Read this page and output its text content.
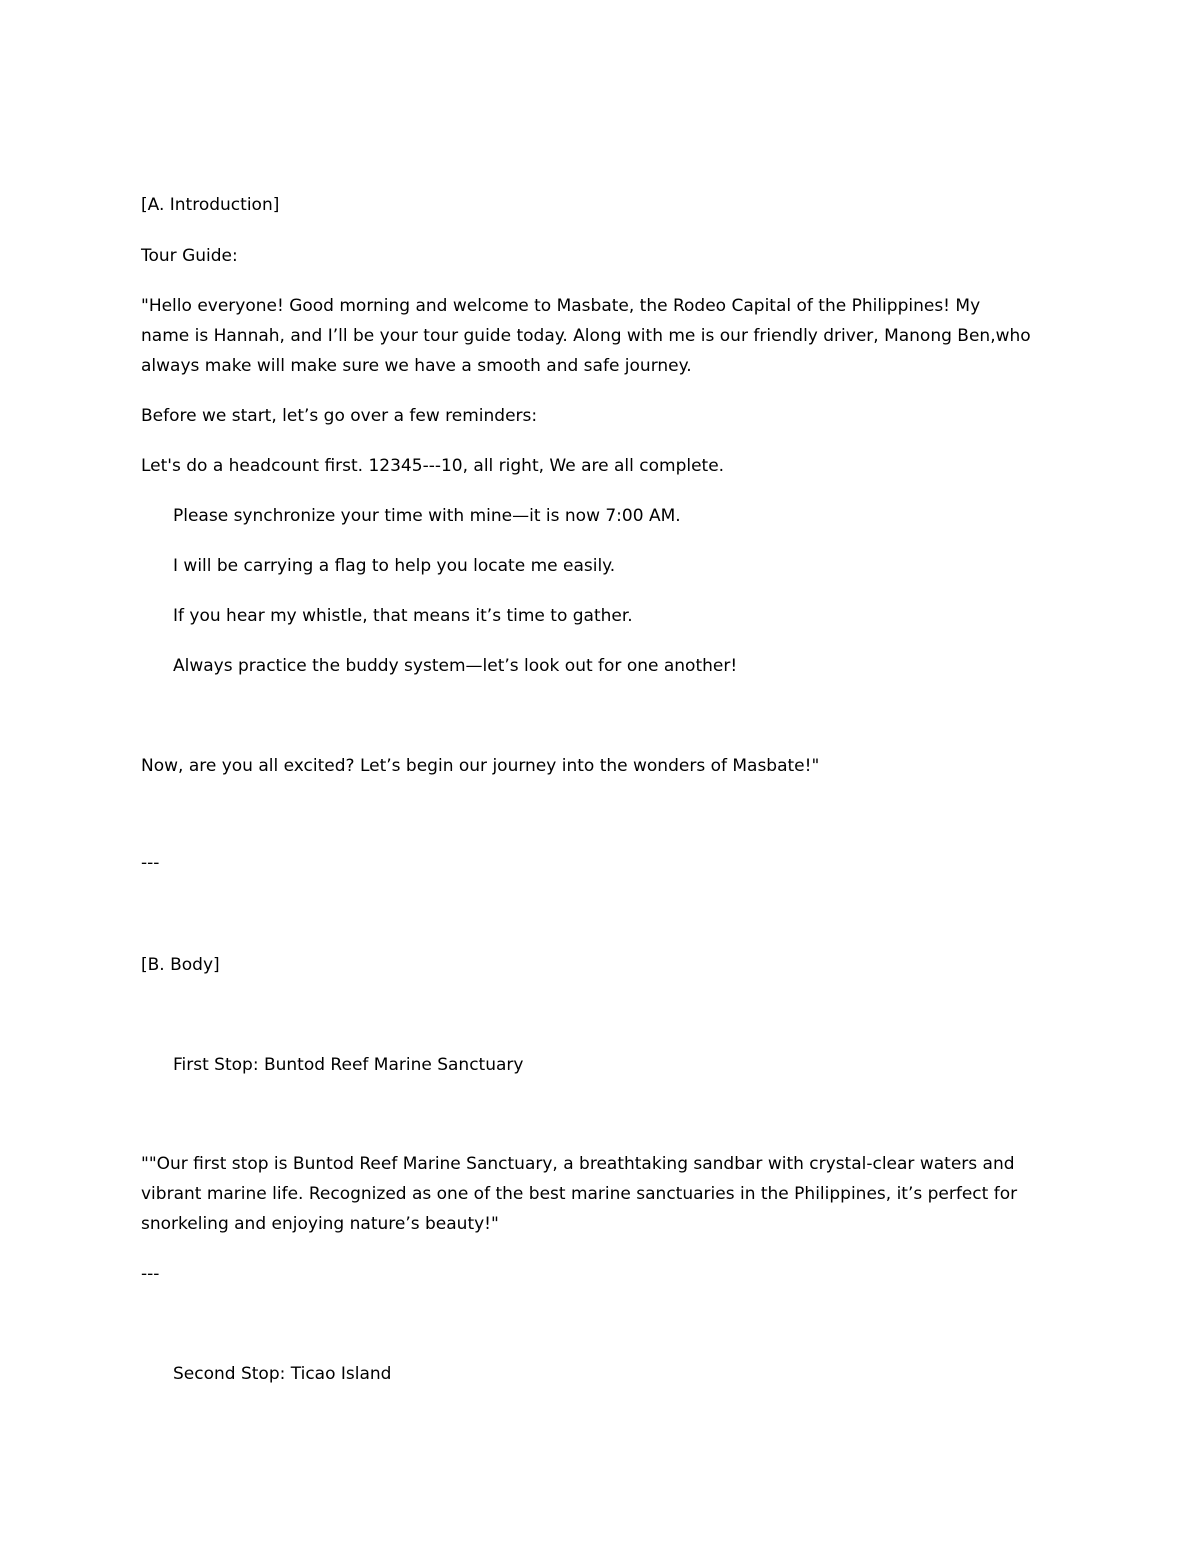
[A. Introduction]
Tour Guide:
"Hello everyone! Good morning and welcome to Masbate, the Rodeo Capital of the Philippines! My
name is Hannah, and I’ll be your tour guide today. Along with me is our friendly driver, Manong Ben,who
always make will make sure we have a smooth and safe journey.
Before we start, let’s go over a few reminders:
Let's do a headcount first. 12345---10, all right, We are all complete.
Please synchronize your time with mine—it is now 7:00 AM.
I will be carrying a flag to help you locate me easily.
If you hear my whistle, that means it’s time to gather.
Always practice the buddy system—let’s look out for one another!
Now, are you all excited? Let’s begin our journey into the wonders of Masbate!"
---
[B. Body]
First Stop: Buntod Reef Marine Sanctuary
""Our first stop is Buntod Reef Marine Sanctuary, a breathtaking sandbar with crystal-clear waters and
vibrant marine life. Recognized as one of the best marine sanctuaries in the Philippines, it’s perfect for
snorkeling and enjoying nature’s beauty!"
---
Second Stop: Ticao Island
